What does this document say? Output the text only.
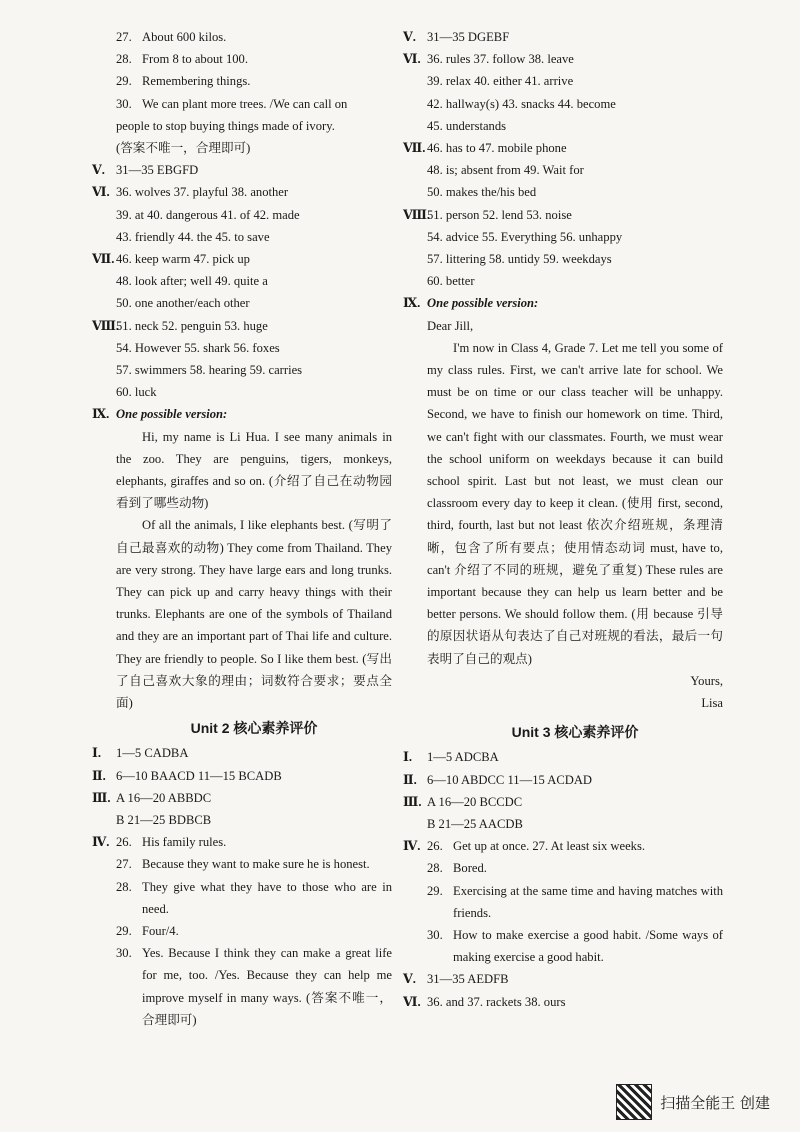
27. About 600 kilos.
28. From 8 to about 100.
29. Remembering things.
30. We can plant more trees. /We can call on
people to stop buying things made of ivory.
(答案不唯一，合理即可)
Ⅴ. 31—35 EBGFD
Ⅵ. 36. wolves 37. playful 38. another
39. at 40. dangerous 41. of 42. made
43. friendly 44. the 45. to save
Ⅶ. 46. keep warm 47. pick up
48. look after; well 49. quite a
50. one another/each other
Ⅷ.
51. neck 52. penguin 53. huge
54. However 55. shark 56. foxes
57. swimmers 58. hearing 59. carries
60. luck
Ⅸ. One possible version:
Hi, my name is Li Hua. I see many animals in the zoo. They are penguins, tigers, monkeys, elephants, giraffes and so on. (介绍了自己在动物园看到了哪些动物)
Of all the animals, I like elephants best. (写明了自己最喜欢的动物) They come from Thailand. They are very strong. They have large ears and long trunks. They can pick up and carry heavy things with their trunks. Elephants are one of the symbols of Thailand and they are an important part of Thai life and culture. They are friendly to people. So I like them best. (写出了自己喜欢大象的理由；词数符合要求；要点全面)
Unit 2 核心素养评价
Ⅰ. 1—5 CADBA
Ⅱ. 6—10 BAACD 11—15 BCADB
Ⅲ. A 16—20 ABBDC
B 21—25 BDBCB
Ⅳ. 26. His family rules.
27. Because they want to make sure he is honest.
28. They give what they have to those who are in need.
29. Four/4.
30. Yes. Because I think they can make a great life for me, too. /Yes. Because they can help me improve myself in many ways. (答案不唯一，合理即可)
Ⅴ. 31—35 DGEBF
Ⅵ. 36. rules 37. follow 38. leave
39. relax 40. either 41. arrive
42. hallway(s) 43. snacks 44. become
45. understands
Ⅶ. 46. has to 47. mobile phone
48. is; absent from 49. Wait for
50. makes the/his bed
Ⅷ.
51. person 52. lend 53. noise
54. advice 55. Everything 56. unhappy
57. littering 58. untidy 59. weekdays
60. better
Ⅸ. One possible version:
Dear Jill,
I'm now in Class 4, Grade 7. Let me tell you some of my class rules. First, we can't arrive late for school. We must be on time or our class teacher will be unhappy. Second, we have to finish our homework on time. Third, we can't fight with our classmates. Fourth, we must wear the school uniform on weekdays because it can build school spirit. Last but not least, we must clean our classroom every day to keep it clean. (使用 first, second, third, fourth, last but not least 依次介绍班规，条理清晰，包含了所有要点；使用情态动词 must, have to, can't 介绍了不同的班规，避免了重复) These rules are important because they can help us learn better and be better persons. We should follow them. (用 because 引导的原因状语从句表达了自己对班规的看法，最后一句表明了自己的观点)
Yours,
Lisa
Unit 3 核心素养评价
Ⅰ. 1—5 ADCBA
Ⅱ. 6—10 ABDCC 11—15 ACDAD
Ⅲ. A 16—20 BCCDC
B 21—25 AACDB
Ⅳ. 26. Get up at once. 27. At least six weeks.
28. Bored.
29. Exercising at the same time and having matches with friends.
30. How to make exercise a good habit. /Some ways of making exercise a good habit.
Ⅴ. 31—35 AEDFB
Ⅵ. 36. and 37. rackets 38. ours
扫描全能王 创建
